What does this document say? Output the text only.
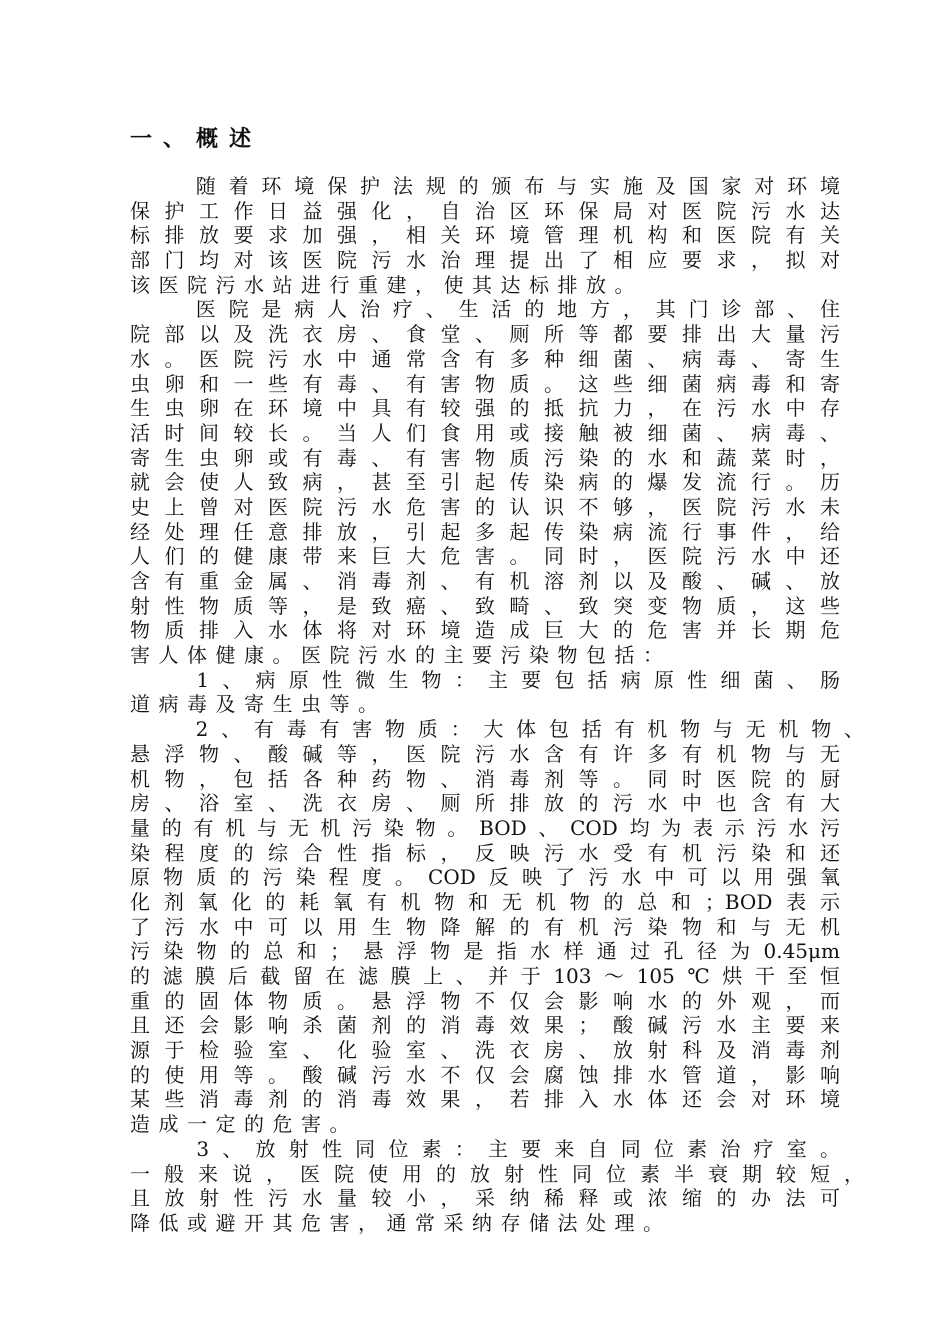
一、概述
　　随着环境保护法规的颁布与实施及国家对环境
保护工作日益强化，自治区环保局对医院污水达
标排放要求加强，相关环境管理机构和医院有关
部门均对该医院污水治理提出了相应要求，拟对
该医院污水站进行重建，使其达标排放。
　　医院是病人治疗、生活的地方，其门诊部、住
院部以及洗衣房、食堂、厕所等都要排出大量污
水。医院污水中通常含有多种细菌、病毒、寄生
虫卵和一些有毒、有害物质。这些细菌病毒和寄
生虫卵在环境中具有较强的抵抗力，在污水中存
活时间较长。当人们食用或接触被细菌、病毒、
寄生虫卵或有毒、有害物质污染的水和蔬菜时，
就会使人致病，甚至引起传染病的爆发流行。历
史上曾对医院污水危害的认识不够，医院污水未
经处理任意排放，引起多起传染病流行事件，给
人们的健康带来巨大危害。同时，医院污水中还
含有重金属、消毒剂、有机溶剂以及酸、碱、放
射性物质等，是致癌、致畸、致突变物质，这些
物质排入水体将对环境造成巨大的危害并长期危
害人体健康。医院污水的主要污染物包括：
　　1、病原性微生物：主要包括病原性细菌、肠
道病毒及寄生虫等。
　　2、有毒有害物质：大体包括有机物与无机物、
悬浮物、酸碱等，医院污水含有许多有机物与无
机物，包括各种药物、消毒剂等。同时医院的厨
房、浴室、洗衣房、厕所排放的污水中也含有大
量的有机与无机污染物。BOD、COD均为表示污水污
染程度的综合性指标，反映污水受有机污染和还
原物质的污染程度。COD反映了污水中可以用强氧
化剂氧化的耗氧有机物和无机物的总和；BOD表示
了污水中可以用生物降解的有机污染物和与无机
污染物的总和；悬浮物是指水样通过孔径为0.45μm
的滤膜后截留在滤膜上、并于103～105℃烘干至恒
重的固体物质。悬浮物不仅会影响水的外观，而
且还会影响杀菌剂的消毒效果；酸碱污水主要来
源于检验室、化验室、洗衣房、放射科及消毒剂
的使用等。酸碱污水不仅会腐蚀排水管道，影响
某些消毒剂的消毒效果，若排入水体还会对环境
造成一定的危害。
　　3、放射性同位素：主要来自同位素治疗室。
一般来说，医院使用的放射性同位素半衰期较短，
且放射性污水量较小，采纳稀释或浓缩的办法可
降低或避开其危害，通常采纳存储法处理。
